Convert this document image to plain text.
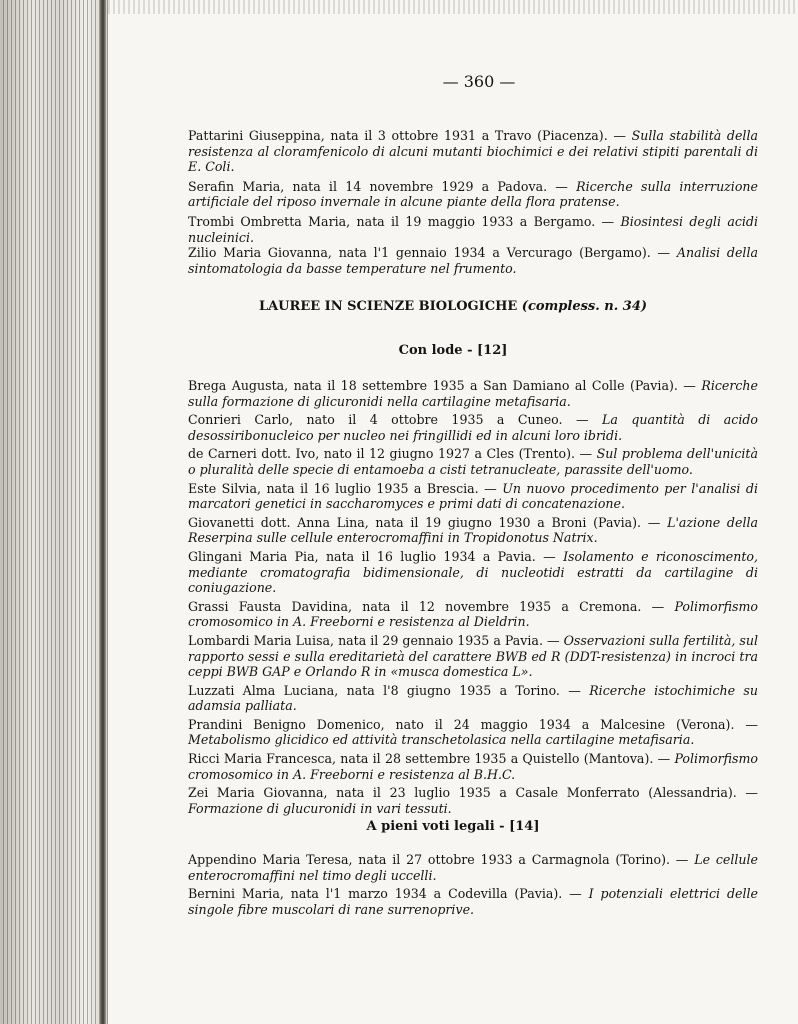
— 360 —

Pattarini Giuseppina, nata il 3 ottobre 1931 a Travo (Piacenza). — Sulla stabilità della resistenza al cloramfenicolo di alcuni mutanti biochimici e dei relativi stipiti parentali di E. Coli.

Serafin Maria, nata il 14 novembre 1929 a Padova. — Ricerche sulla interruzione artificiale del riposo invernale in alcune piante della flora pratense.

Trombi Ombretta Maria, nata il 19 maggio 1933 a Bergamo. — Biosintesi degli acidi nucleinici.

Zilio Maria Giovanna, nata l'1 gennaio 1934 a Vercurago (Bergamo). — Analisi della sintomatologia da basse temperature nel frumento.

LAUREE IN SCIENZE BIOLOGICHE (compless. n. 34)
Con lode - [12]

Brega Augusta, nata il 18 settembre 1935 a San Damiano al Colle (Pavia). — Ricerche sulla formazione di glicuronidi nella cartilagine metafisaria.

Conrieri Carlo, nato il 4 ottobre 1935 a Cuneo. — La quantità di acido desossiribonucleico per nucleo nei fringillidi ed in alcuni loro ibridi.

de Carneri dott. Ivo, nato il 12 giugno 1927 a Cles (Trento). — Sul problema dell'unicità o pluralità delle specie di entamoeba a cisti tetranucleate, parassite dell'uomo.

Este Silvia, nata il 16 luglio 1935 a Brescia. — Un nuovo procedimento per l'analisi di marcatori genetici in saccharomyces e primi dati di concatenazione.

Giovanetti dott. Anna Lina, nata il 19 giugno 1930 a Broni (Pavia). — L'azione della Reserpina sulle cellule enterocromaffini in Tropidonotus Natrix.

Glingani Maria Pia, nata il 16 luglio 1934 a Pavia. — Isolamento e riconoscimento, mediante cromatografia bidimensionale, di nucleotidi estratti da cartilagine di coniugazione.

Grassi Fausta Davidina, nata il 12 novembre 1935 a Cremona. — Polimorfismo cromosomico in A. Freeborni e resistenza al Dieldrin.

Lombardi Maria Luisa, nata il 29 gennaio 1935 a Pavia. — Osservazioni sulla fertilità, sul rapporto sessi e sulla ereditarietà del carattere BWB ed R (DDT-resistenza) in incroci tra ceppi BWB GAP e Orlando R in «musca domestica L».

Luzzati Alma Luciana, nata l'8 giugno 1935 a Torino. — Ricerche istochimiche su adamsia palliata.

Prandini Benigno Domenico, nato il 24 maggio 1934 a Malcesine (Verona). — Metabolismo glicidico ed attività transchetolasica nella cartilagine metafisaria.

Ricci Maria Francesca, nata il 28 settembre 1935 a Quistello (Mantova). — Polimorfismo cromosomico in A. Freeborni e resistenza al B.H.C.

Zei Maria Giovanna, nata il 23 luglio 1935 a Casale Monferrato (Alessandria). — Formazione di glucuronidi in vari tessuti.

A pieni voti legali - [14]

Appendino Maria Teresa, nata il 27 ottobre 1933 a Carmagnola (Torino). — Le cellule enterocromaffini nel timo degli uccelli.

Bernini Maria, nata l'1 marzo 1934 a Codevilla (Pavia). — I potenziali elettrici delle singole fibre muscolari di rane surrenoprive.
